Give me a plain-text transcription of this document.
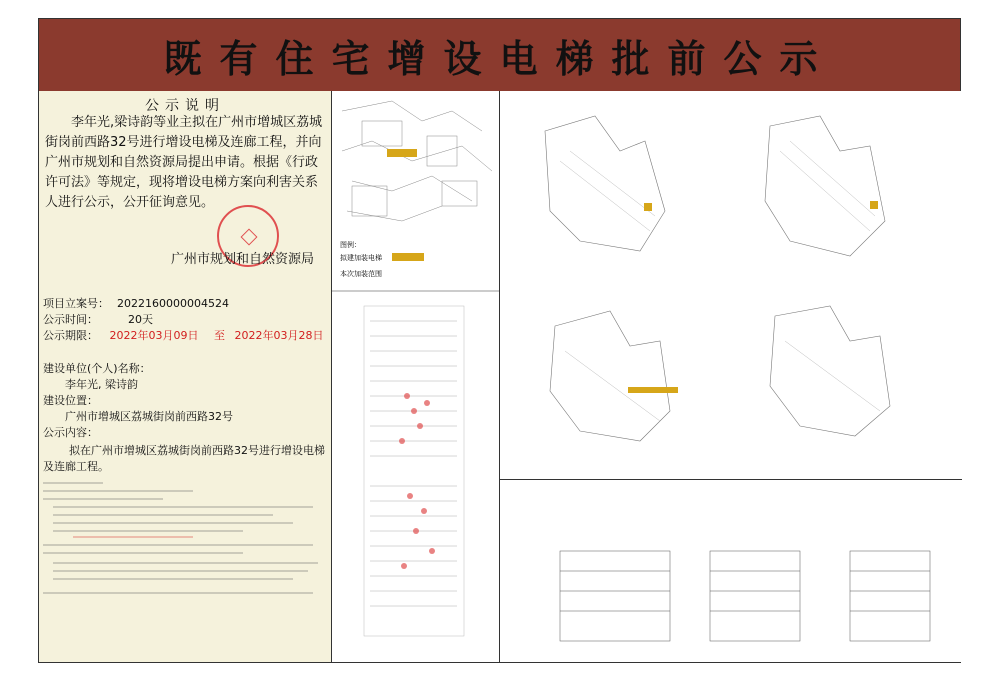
既有住宅增设电梯批前公示
公示说明
李年光,梁诗韵等业主拟在广州市增城区荔城街岗前西路32号进行增设电梯及连廊工程，并向广州市规划和自然资源局提出申请。根据《行政许可法》等规定，现将增设电梯方案向利害关系人进行公示，公开征询意见。
广州市规划和自然资源局
项目立案号： 2022160000004524
公示时间：	20天
公示期限： 2022年03月09日 至 2022年03月28日
建设单位(个人)名称：
李年光, 梁诗韵
建设位置：
广州市增城区荔城街岗前西路32号
公示内容：
拟在广州市增城区荔城街岗前西路32号进行增设电梯及连廊工程。
图例：
拟建加装电梯
本次加装范围
